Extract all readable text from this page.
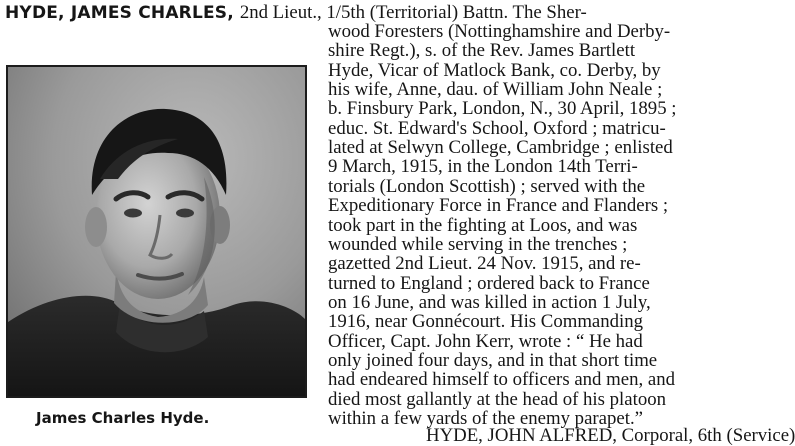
HYDE, JAMES CHARLES, 2nd Lieut., 1/5th (Territorial) Battn. The Sher-
James Charles Hyde.
wood Foresters (Nottinghamshire and Derby-
shire Regt.), s. of the Rev. James Bartlett
Hyde, Vicar of Matlock Bank, co. Derby, by
his wife, Anne, dau. of William John Neale ;
b. Finsbury Park, London, N., 30 April, 1895 ;
educ. St. Edward's School, Oxford ; matricu-
lated at Selwyn College, Cambridge ; enlisted
9 March, 1915, in the London 14th Terri-
torials (London Scottish) ; served with the
Expeditionary Force in France and Flanders ;
took part in the fighting at Loos, and was
wounded while serving in the trenches ;
gazetted 2nd Lieut. 24 Nov. 1915, and re-
turned to England ; ordered back to France
on 16 June, and was killed in action 1 July,
1916, near Gonnécourt. His Commanding
Officer, Capt. John Kerr, wrote : “ He had
only joined four days, and in that short time
had endeared himself to officers and men, and
died most gallantly at the head of his platoon
within a few yards of the enemy parapet.”
HYDE, JOHN ALFRED, Corporal, 6th (Service)
